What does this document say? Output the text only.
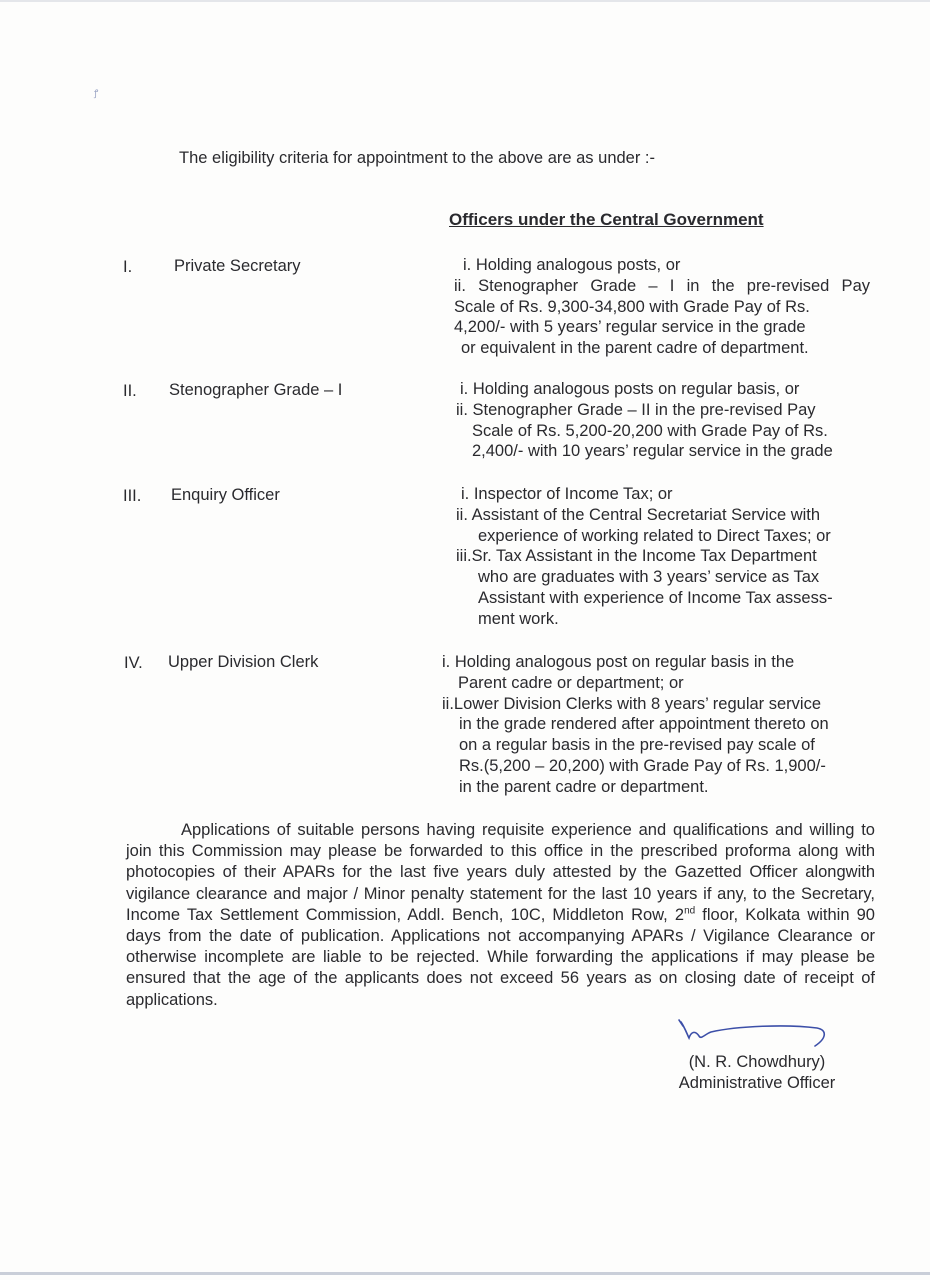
ꝭ
The eligibility criteria for appointment to the above are as under :-
Officers under the Central Government
I.	Private Secretary	i. Holding analogous posts, or
ii. Stenographer Grade – I in the pre-revised Pay
Scale of Rs. 9,300-34,800 with Grade Pay of Rs.
4,200/- with 5 years’ regular service in the grade
or equivalent in the parent cadre of department.
II. Stenographer Grade – I	i. Holding analogous posts on regular basis, or
ii. Stenographer Grade – II in the pre-revised Pay
Scale of Rs. 5,200-20,200 with Grade Pay of Rs.
2,400/- with 10 years’ regular service in the grade
III. Enquiry Officer	i. Inspector of Income Tax; or
ii. Assistant of the Central Secretariat Service with
experience of working related to Direct Taxes; or
iii.Sr. Tax Assistant in the Income Tax Department
who are graduates with 3 years’ service as Tax
Assistant with experience of Income Tax assess-
ment work.
IV. Upper Division Clerk	i. Holding analogous post on regular basis in the
Parent cadre or department; or
ii.Lower Division Clerks with 8 years’ regular service
in the grade rendered after appointment thereto on
on a regular basis in the pre-revised pay scale of
Rs.(5,200 – 20,200) with Grade Pay of Rs. 1,900/-
in the parent cadre or department.
Applications of suitable persons having requisite experience and qualifications and willing to join this Commission may please be forwarded to this office in the prescribed proforma along with photocopies of their APARs for the last five years duly attested by the Gazetted Officer alongwith vigilance clearance and major / Minor penalty statement for the last 10 years if any, to the Secretary, Income Tax Settlement Commission, Addl. Bench, 10C, Middleton Row, 2nd floor, Kolkata within 90 days from the date of publication. Applications not accompanying APARs / Vigilance Clearance or otherwise incomplete are liable to be rejected. While forwarding the applications if may please be ensured that the age of the applicants does not exceed 56 years as on closing date of receipt of applications.
(N. R. Chowdhury)
Administrative Officer
